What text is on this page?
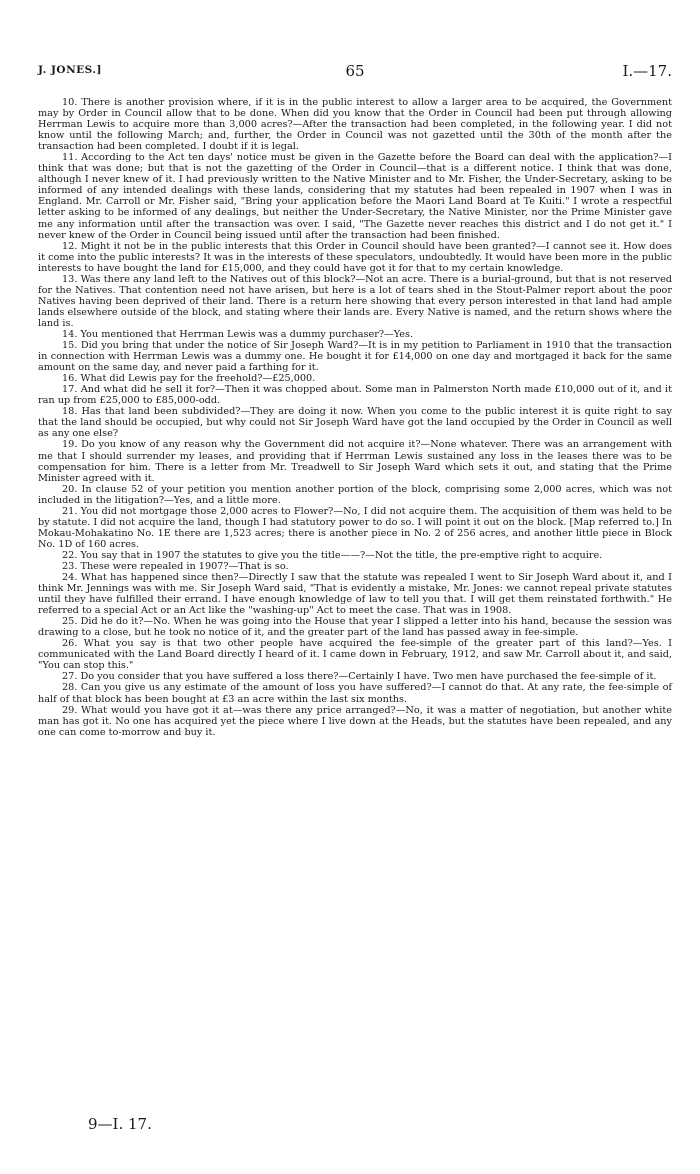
J. JONES.]	65	I.—17.

10. There is another provision where, if it is in the public interest to allow a larger area to be acquired, the Government may by Order in Council allow that to be done. When did you know that the Order in Council had been put through allowing Herrman Lewis to acquire more than 3,000 acres?—After the transaction had been completed, in the following year. I did not know until the following March; and, further, the Order in Council was not gazetted until the 30th of the month after the transaction had been completed. I doubt if it is legal.

11. According to the Act ten days' notice must be given in the Gazette before the Board can deal with the application?—I think that was done; but that is not the gazetting of the Order in Council—that is a different notice. I think that was done, although I never knew of it. I had previously written to the Native Minister and to Mr. Fisher, the Under-Secretary, asking to be informed of any intended dealings with these lands, considering that my statutes had been repealed in 1907 when I was in England. Mr. Carroll or Mr. Fisher said, "Bring your application before the Maori Land Board at Te Kuiti." I wrote a respectful letter asking to be informed of any dealings, but neither the Under-Secretary, the Native Minister, nor the Prime Minister gave me any information until after the transaction was over. I said, "The Gazette never reaches this district and I do not get it." I never knew of the Order in Council being issued until after the transaction had been finished.

12. Might it not be in the public interests that this Order in Council should have been granted?—I cannot see it. How does it come into the public interests? It was in the interests of these speculators, undoubtedly. It would have been more in the public interests to have bought the land for £15,000, and they could have got it for that to my certain knowledge.

13. Was there any land left to the Natives out of this block?—Not an acre. There is a burial-ground, but that is not reserved for the Natives. That contention need not have arisen, but here is a lot of tears shed in the Stout-Palmer report about the poor Natives having been deprived of their land. There is a return here showing that every person interested in that land had ample lands elsewhere outside of the block, and stating where their lands are. Every Native is named, and the return shows where the land is.

14. You mentioned that Herrman Lewis was a dummy purchaser?—Yes.

15. Did you bring that under the notice of Sir Joseph Ward?—It is in my petition to Parliament in 1910 that the transaction in connection with Herrman Lewis was a dummy one. He bought it for £14,000 on one day and mortgaged it back for the same amount on the same day, and never paid a farthing for it.

16. What did Lewis pay for the freehold?—£25,000.

17. And what did he sell it for?—Then it was chopped about. Some man in Palmerston North made £10,000 out of it, and it ran up from £25,000 to £85,000-odd.

18. Has that land been subdivided?—They are doing it now. When you come to the public interest it is quite right to say that the land should be occupied, but why could not Sir Joseph Ward have got the land occupied by the Order in Council as well as any one else?

19. Do you know of any reason why the Government did not acquire it?—None whatever. There was an arrangement with me that I should surrender my leases, and providing that if Herrman Lewis sustained any loss in the leases there was to be compensation for him. There is a letter from Mr. Treadwell to Sir Joseph Ward which sets it out, and stating that the Prime Minister agreed with it.

20. In clause 52 of your petition you mention another portion of the block, comprising some 2,000 acres, which was not included in the litigation?—Yes, and a little more.

21. You did not mortgage those 2,000 acres to Flower?—No, I did not acquire them. The acquisition of them was held to be by statute. I did not acquire the land, though I had statutory power to do so. I will point it out on the block. [Map referred to.] In Mokau-Mohakatino No. 1E there are 1,523 acres; there is another piece in No. 2 of 256 acres, and another little piece in Block No. 1D of 160 acres.

22. You say that in 1907 the statutes to give you the title——?—Not the title, the pre-emptive right to acquire.

23. These were repealed in 1907?—That is so.

24. What has happened since then?—Directly I saw that the statute was repealed I went to Sir Joseph Ward about it, and I think Mr. Jennings was with me. Sir Joseph Ward said, "That is evidently a mistake, Mr. Jones: we cannot repeal private statutes until they have fulfilled their errand. I have enough knowledge of law to tell you that. I will get them reinstated forthwith." He referred to a special Act or an Act like the "washing-up" Act to meet the case. That was in 1908.

25. Did he do it?—No. When he was going into the House that year I slipped a letter into his hand, because the session was drawing to a close, but he took no notice of it, and the greater part of the land has passed away in fee-simple.

26. What you say is that two other people have acquired the fee-simple of the greater part of this land?—Yes. I communicated with the Land Board directly I heard of it. I came down in February, 1912, and saw Mr. Carroll about it, and said, "You can stop this."

27. Do you consider that you have suffered a loss there?—Certainly I have. Two men have purchased the fee-simple of it.

28. Can you give us any estimate of the amount of loss you have suffered?—I cannot do that. At any rate, the fee-simple of half of that block has been bought at £3 an acre within the last six months.

29. What would you have got it at—was there any price arranged?—No, it was a matter of negotiation, but another white man has got it. No one has acquired yet the piece where I live down at the Heads, but the statutes have been repealed, and any one can come to-morrow and buy it.

9—I. 17.
